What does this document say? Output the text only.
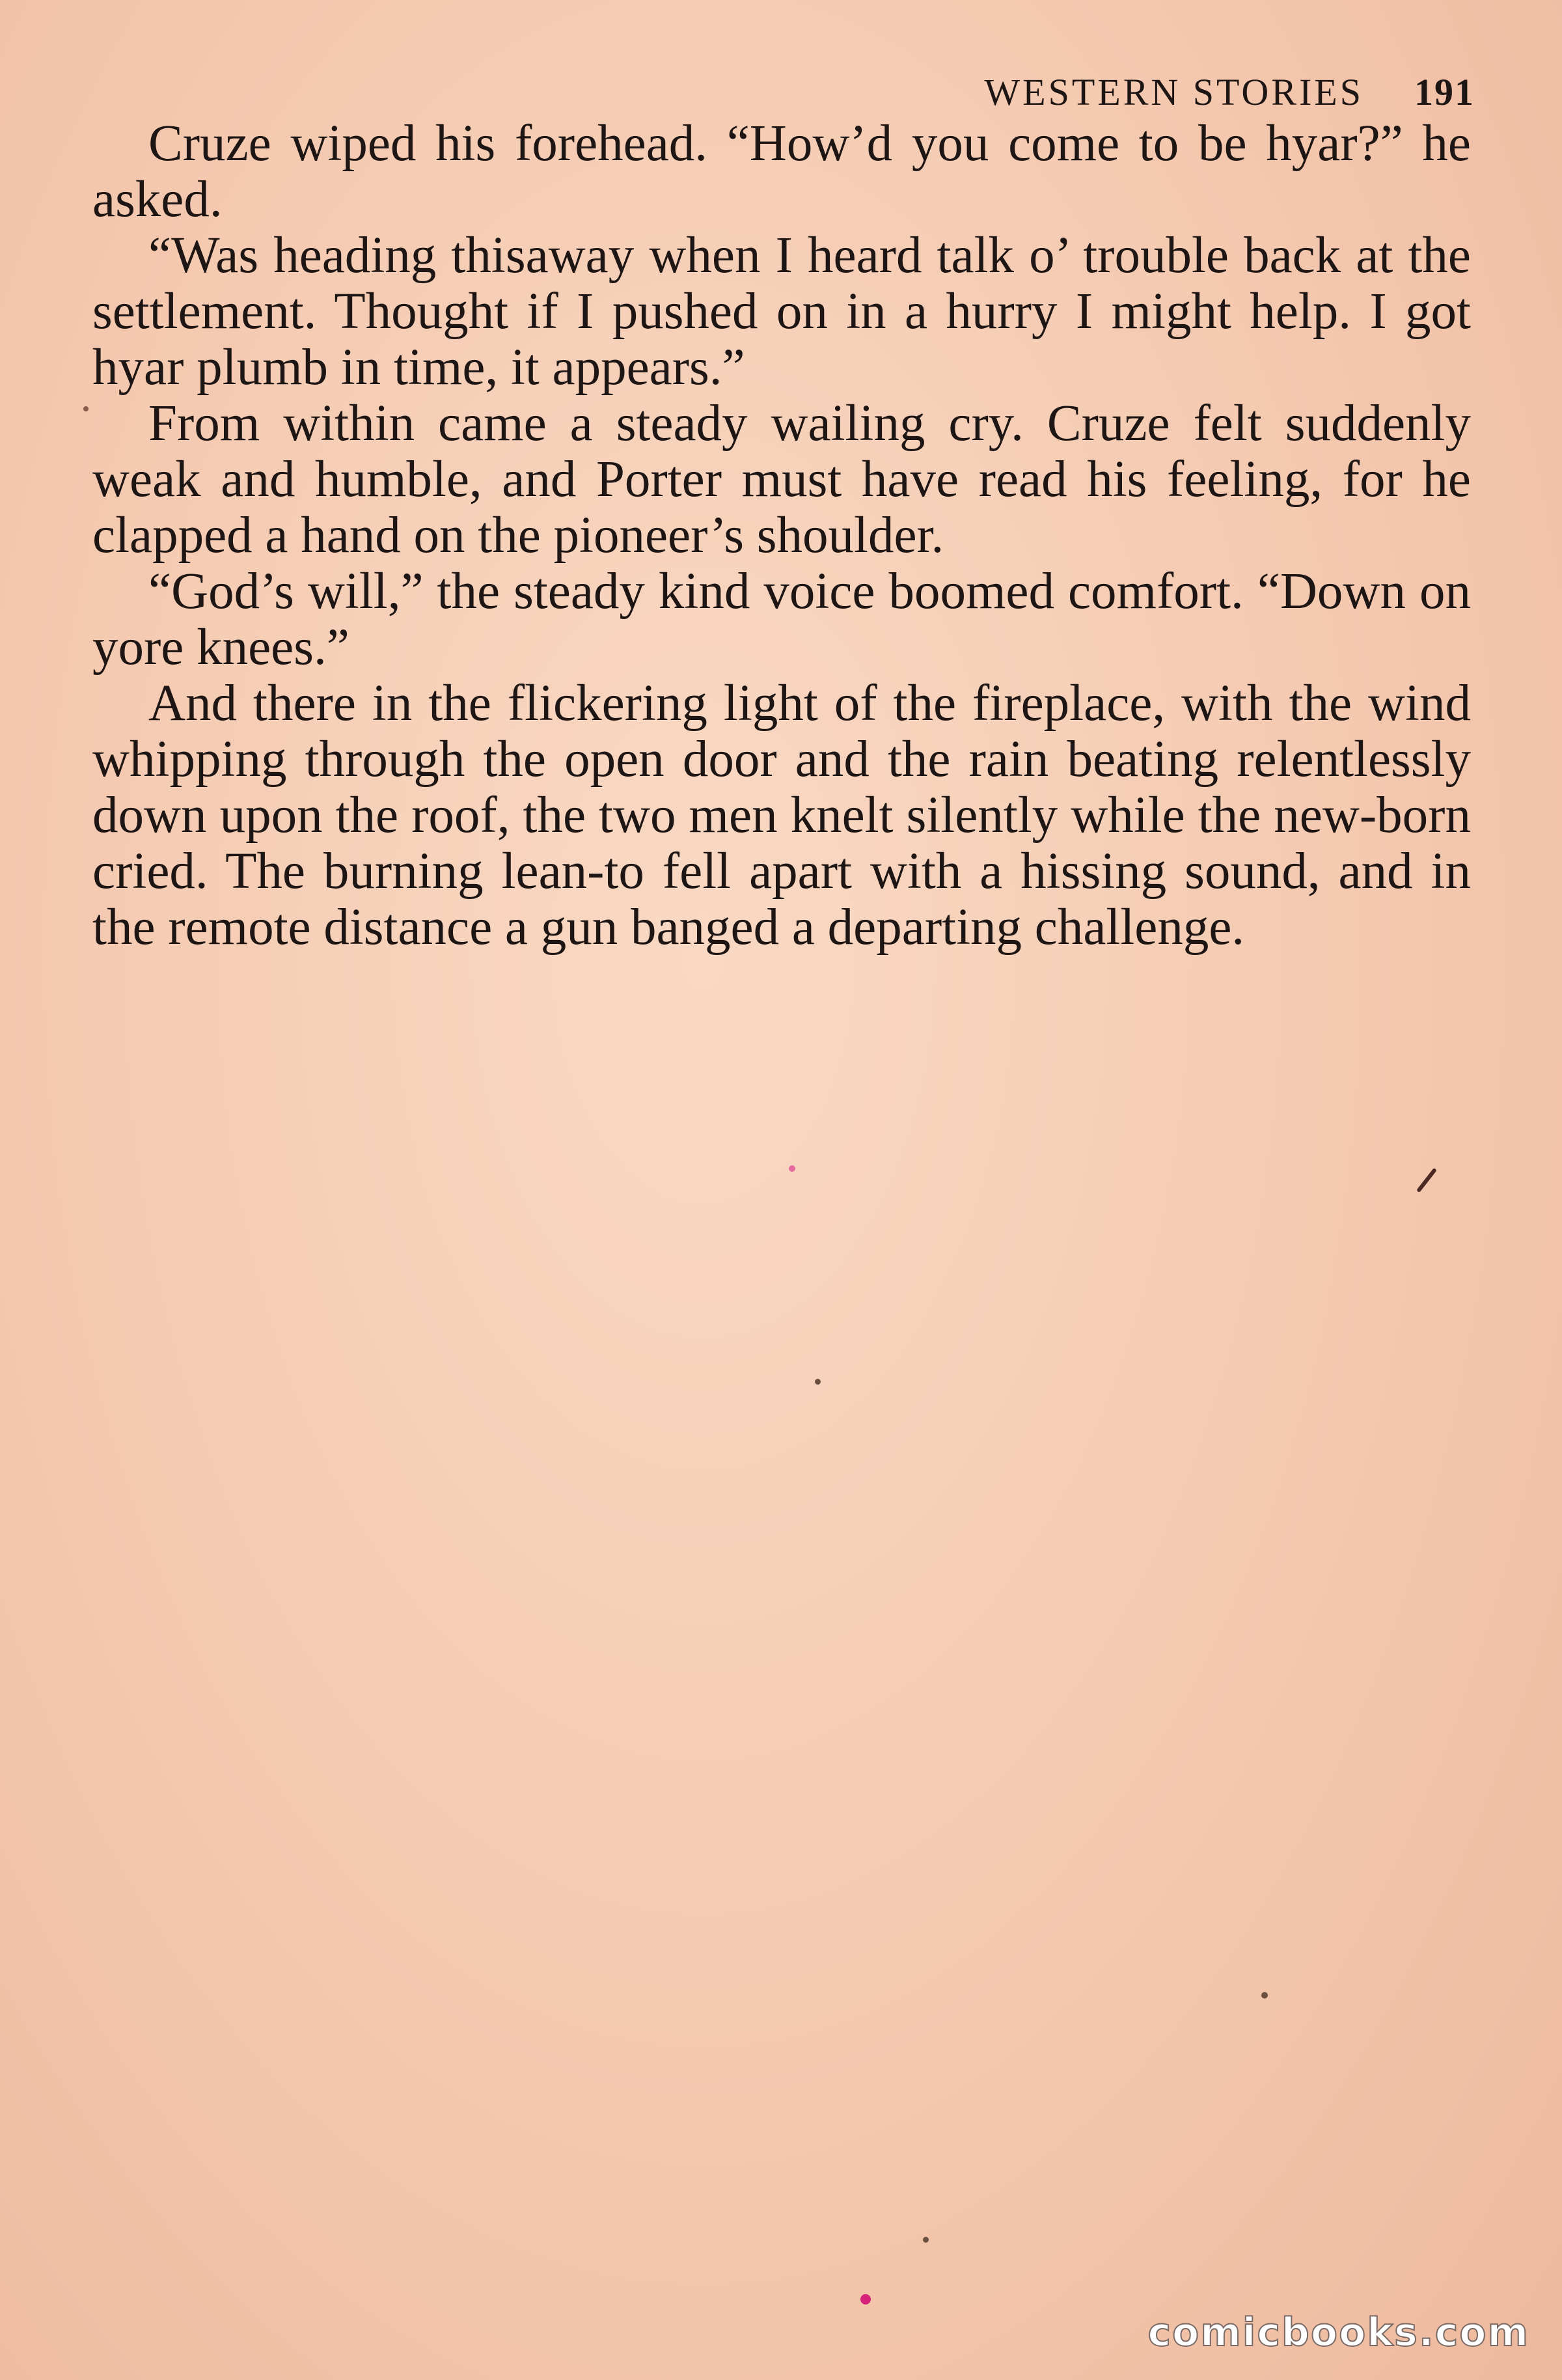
WESTERN STORIES 191

Cruze wiped his forehead. “How’d you come to be hyar?” he asked.

“Was heading thisaway when I heard talk o’ trouble back at the settlement. Thought if I pushed on in a hurry I might help. I got hyar plumb in time, it appears.”

From within came a steady wailing cry. Cruze felt suddenly weak and humble, and Porter must have read his feeling, for he clapped a hand on the pioneer’s shoulder.

“God’s will,” the steady kind voice boomed comfort. “Down on yore knees.”

And there in the flickering light of the fireplace, with the wind whipping through the open door and the rain beating relentlessly down upon the roof, the two men knelt silently while the new-born cried. The burning lean-to fell apart with a hissing sound, and in the remote distance a gun banged a departing challenge.

comicbooks.com
